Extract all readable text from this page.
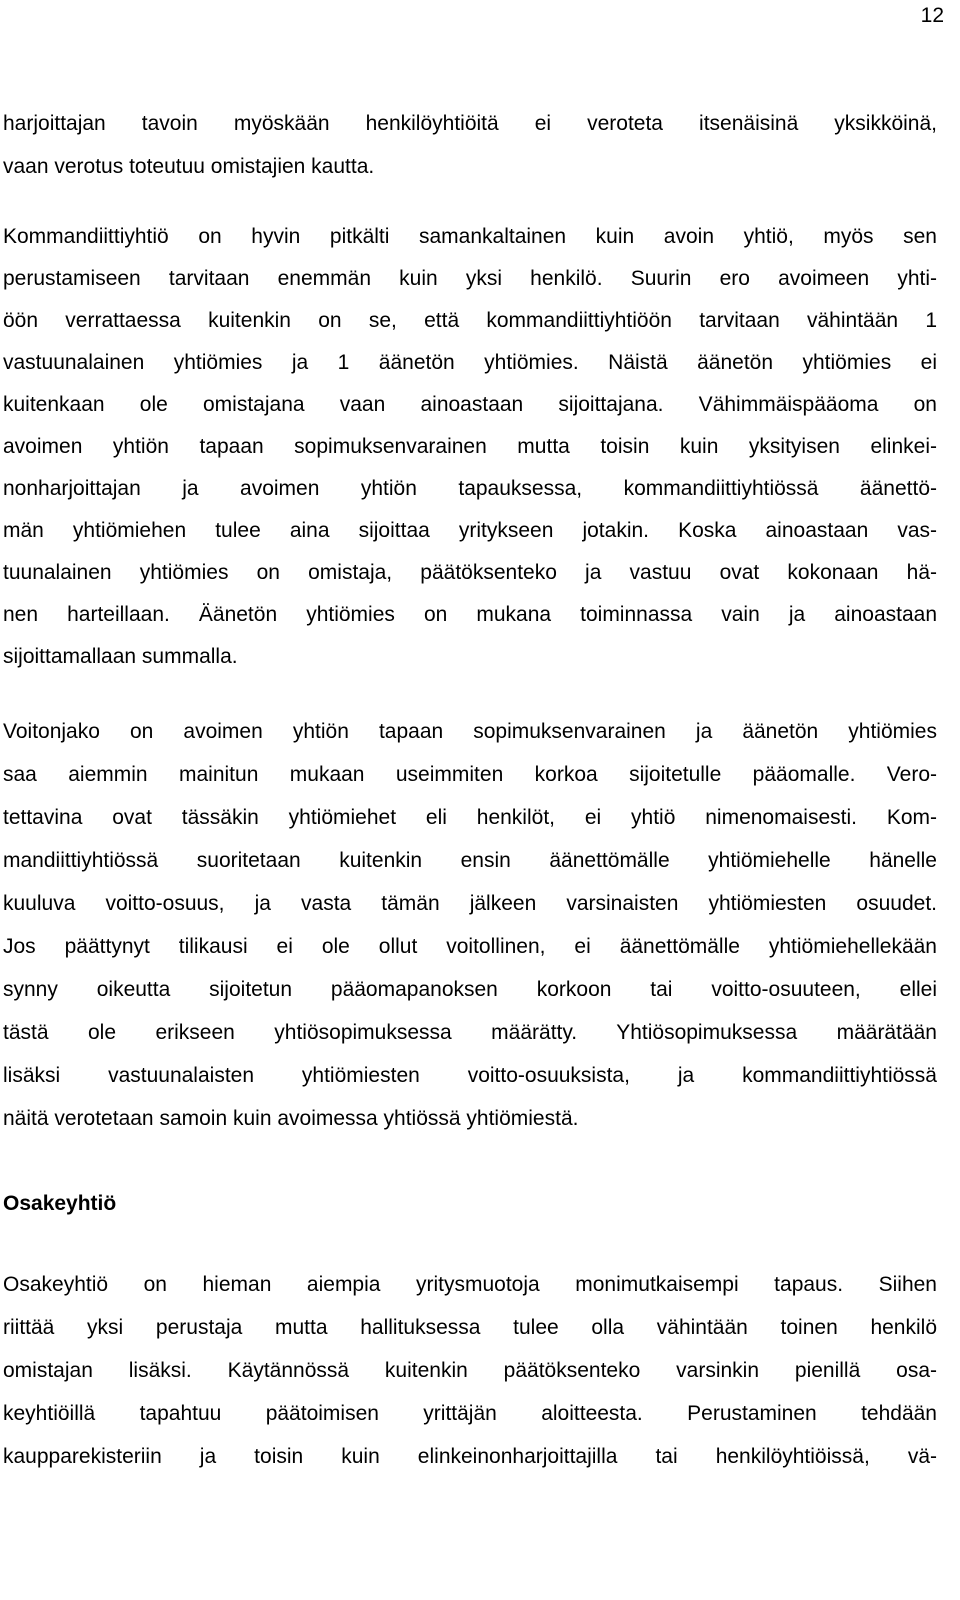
12
harjoittajan tavoin myöskään henkilöyhtiöitä ei veroteta itsenäisinä yksikköinä,
vaan verotus toteutuu omistajien kautta.
Kommandiittiyhtiö on hyvin pitkälti samankaltainen kuin avoin yhtiö, myös sen
perustamiseen tarvitaan enemmän kuin yksi henkilö. Suurin ero avoimeen yhti-
öön verrattaessa kuitenkin on se, että kommandiittiyhtiöön tarvitaan vähintään 1
vastuunalainen yhtiömies ja 1 äänetön yhtiömies. Näistä äänetön yhtiömies ei
kuitenkaan ole omistajana vaan ainoastaan sijoittajana. Vähimmäispääoma on
avoimen yhtiön tapaan sopimuksenvarainen mutta toisin kuin yksityisen elinkei-
nonharjoittajan ja avoimen yhtiön tapauksessa, kommandiittiyhtiössä äänettö-
män yhtiömiehen tulee aina sijoittaa yritykseen jotakin. Koska ainoastaan vas-
tuunalainen yhtiömies on omistaja, päätöksenteko ja vastuu ovat kokonaan hä-
nen harteillaan. Äänetön yhtiömies on mukana toiminnassa vain ja ainoastaan
sijoittamallaan summalla.
Voitonjako on avoimen yhtiön tapaan sopimuksenvarainen ja äänetön yhtiömies
saa aiemmin mainitun mukaan useimmiten korkoa sijoitetulle pääomalle. Vero-
tettavina ovat tässäkin yhtiömiehet eli henkilöt, ei yhtiö nimenomaisesti. Kom-
mandiittiyhtiössä suoritetaan kuitenkin ensin äänettömälle yhtiömiehelle hänelle
kuuluva voitto-osuus, ja vasta tämän jälkeen varsinaisten yhtiömiesten osuudet.
Jos päättynyt tilikausi ei ole ollut voitollinen, ei äänettömälle yhtiömiehellekään
synny oikeutta sijoitetun pääomapanoksen korkoon tai voitto-osuuteen, ellei
tästä ole erikseen yhtiösopimuksessa määrätty. Yhtiösopimuksessa määrätään
lisäksi vastuunalaisten yhtiömiesten voitto-osuuksista, ja kommandiittiyhtiössä
näitä verotetaan samoin kuin avoimessa yhtiössä yhtiömiestä.
Osakeyhtiö
Osakeyhtiö on hieman aiempia yritysmuotoja monimutkaisempi tapaus. Siihen
riittää yksi perustaja mutta hallituksessa tulee olla vähintään toinen henkilö
omistajan lisäksi. Käytännössä kuitenkin päätöksenteko varsinkin pienillä osa-
keyhtiöillä tapahtuu päätoimisen yrittäjän aloitteesta. Perustaminen tehdään
kaupparekisteriin ja toisin kuin elinkeinonharjoittajilla tai henkilöyhtiöissä, vä-
